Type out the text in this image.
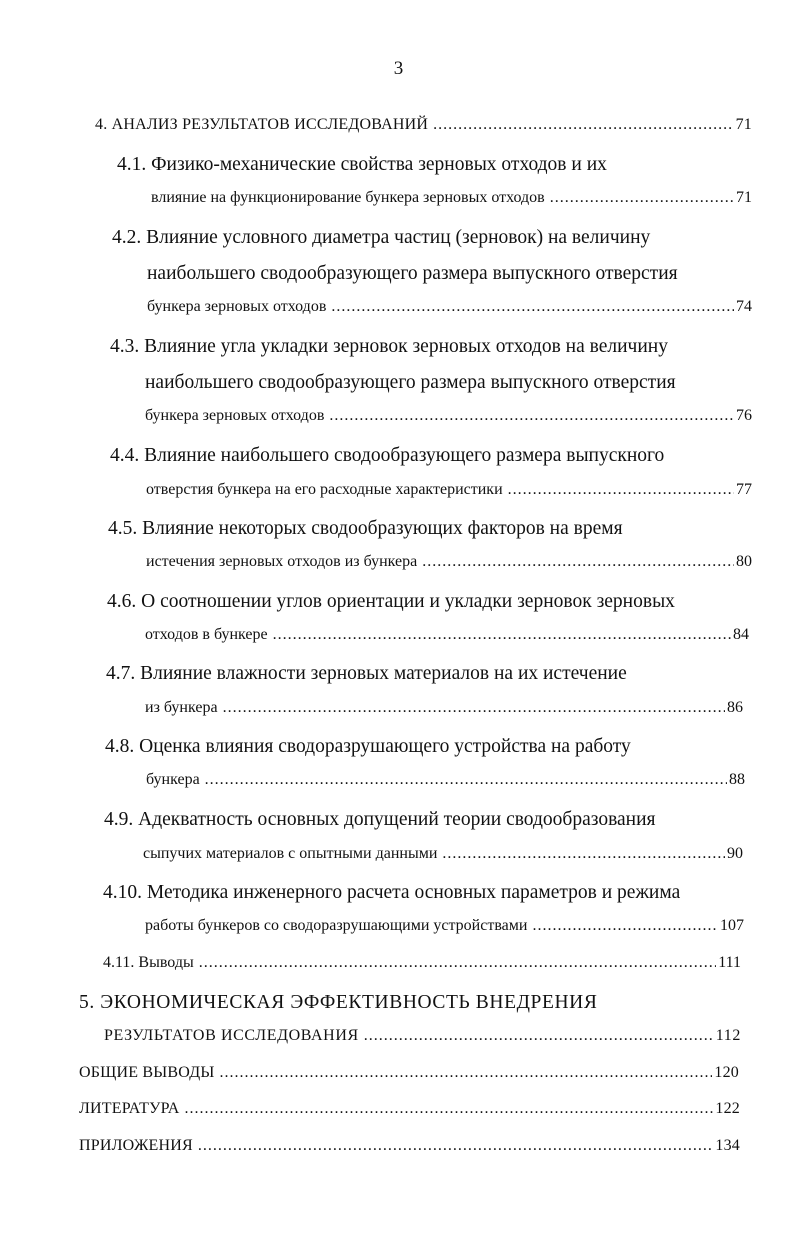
3
4. АНАЛИЗ РЕЗУЛЬТАТОВ ИССЛЕДОВАНИЙ .....	71
4.1. Физико-механические свойства зерновых отходов и их
влияние на функционирование бункера зерновых отходов .....	71
4.2. Влияние условного диаметра частиц (зерновок) на величину
наибольшего сводообразующего размера выпускного отверстия
бункера зерновых отходов .....	74
4.3. Влияние угла укладки зерновок зерновых отходов на величину
наибольшего сводообразующего размера выпускного отверстия
бункера зерновых отходов .....	76
4.4. Влияние наибольшего сводообразующего размера выпускного
отверстия бункера на его расходные характеристики .....	77
4.5. Влияние некоторых сводообразующих факторов на время
истечения зерновых отходов из бункера .....	80
4.6. О соотношении углов ориентации и укладки зерновок зерновых
отходов в бункере .....	84
4.7. Влияние влажности зерновых материалов на их истечение
из бункера .....	86
4.8. Оценка влияния сводоразрушающего устройства на работу
бункера .....	88
4.9. Адекватность основных допущений теории сводообразования
сыпучих материалов с опытными данными .....	90
4.10. Методика инженерного расчета основных параметров и режима
работы бункеров со сводоразрушающими устройствами .....	107
4.11. Выводы .....	111
5. ЭКОНОМИЧЕСКАЯ ЭФФЕКТИВНОСТЬ ВНЕДРЕНИЯ
РЕЗУЛЬТАТОВ ИССЛЕДОВАНИЯ .....	112
ОБЩИЕ ВЫВОДЫ .....	120
ЛИТЕРАТУРА .....	122
ПРИЛОЖЕНИЯ .....	134
